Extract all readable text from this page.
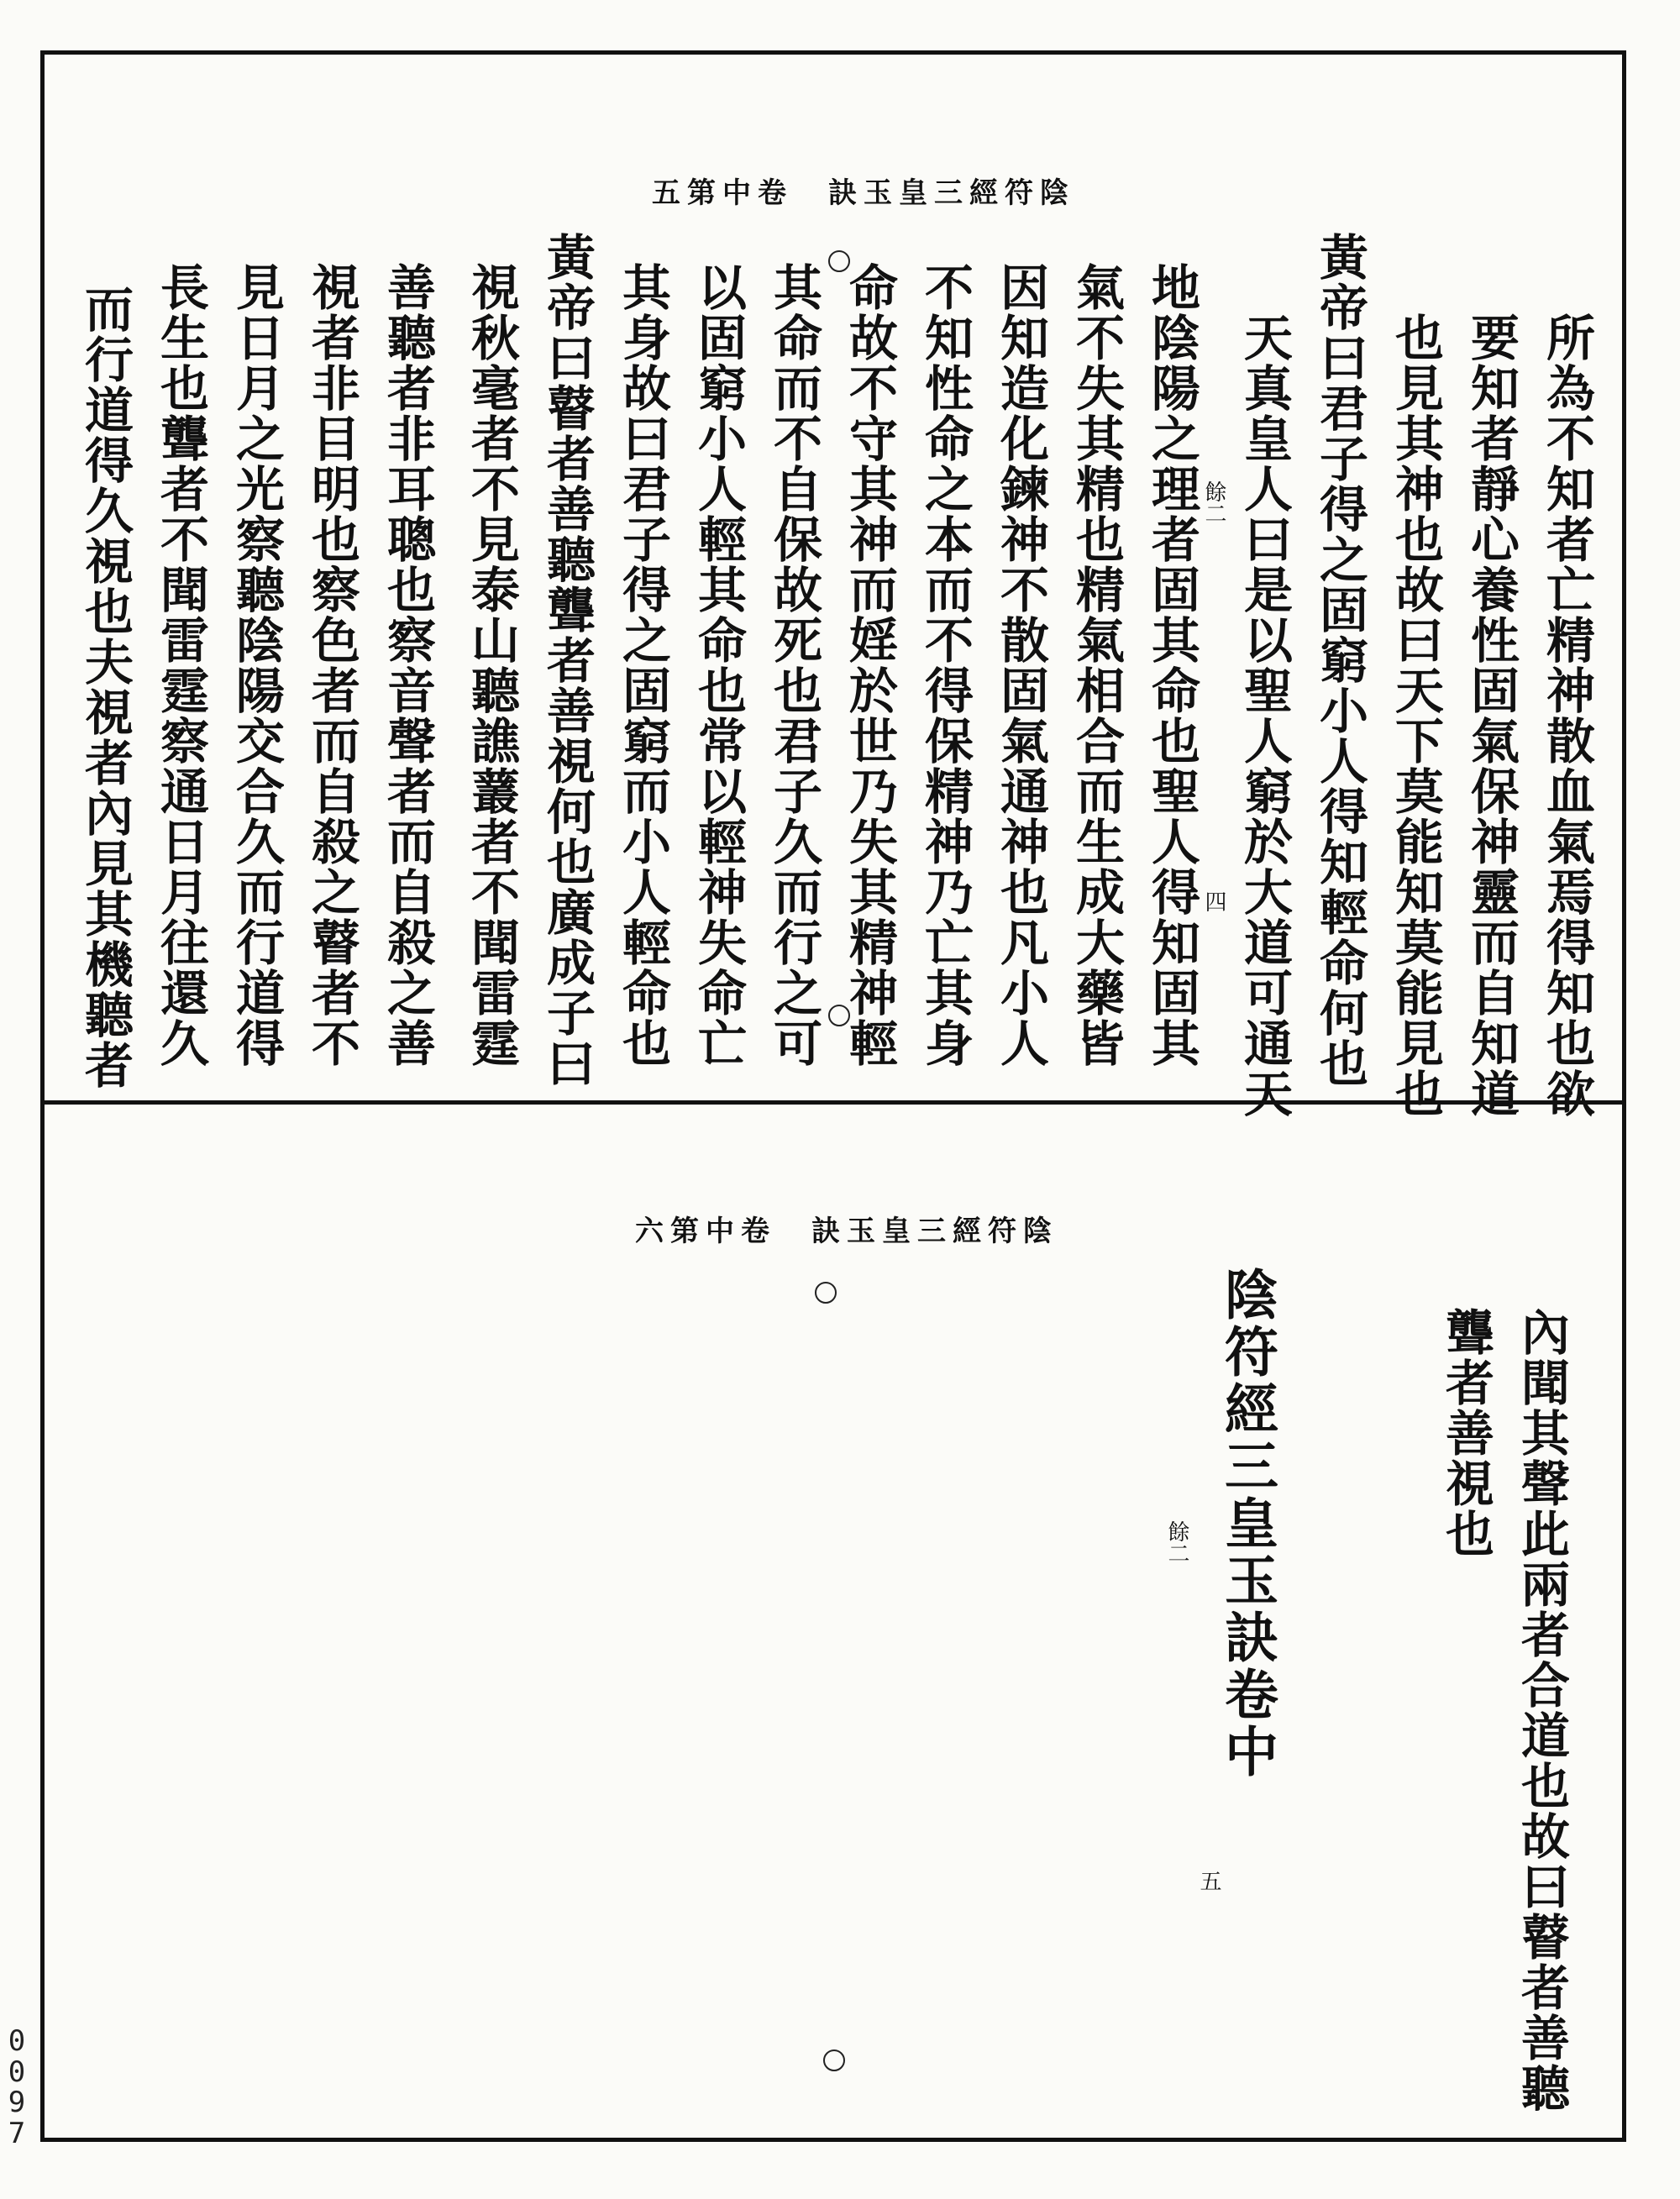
五第中卷　訣玉皇三經符陰
所為不知者亡精神散血氣焉得知也欲
要知者靜心養性固氣保神靈而自知道
也見其神也故曰天下莫能知莫能見也
黃帝曰君子得之固窮小人得知輕命何也
天真皇人曰是以聖人窮於大道可通天
地陰陽之理者固其命也聖人得知固其
氣不失其精也精氣相合而生成大藥皆
因知造化鍊神不散固氣通神也凡小人
不知性命之本而不得保精神乃亡其身
命故不守其神而婬於世乃失其精神輕
其命而不自保故死也君子久而行之可
以固窮小人輕其命也常以輕神失命亡
其身故曰君子得之固窮而小人輕命也
黃帝曰瞽者善聽聾者善視何也廣成子曰
視秋毫者不見泰山聽譙䕺者不聞雷霆
善聽者非耳聰也察音聲者而自殺之善
視者非目明也察色者而自殺之瞽者不
見日月之光察聽陰陽交合久而行道得
長生也聾者不聞雷霆察通日月往還久
而行道得久視也夫視者內見其機聽者	餘二
四
六第中卷　訣玉皇三經符陰
內聞其聲此兩者合道也故曰瞽者善聽
聾者善視也
陰符經三皇玉訣卷中
餘二
五
0
0
9
7
